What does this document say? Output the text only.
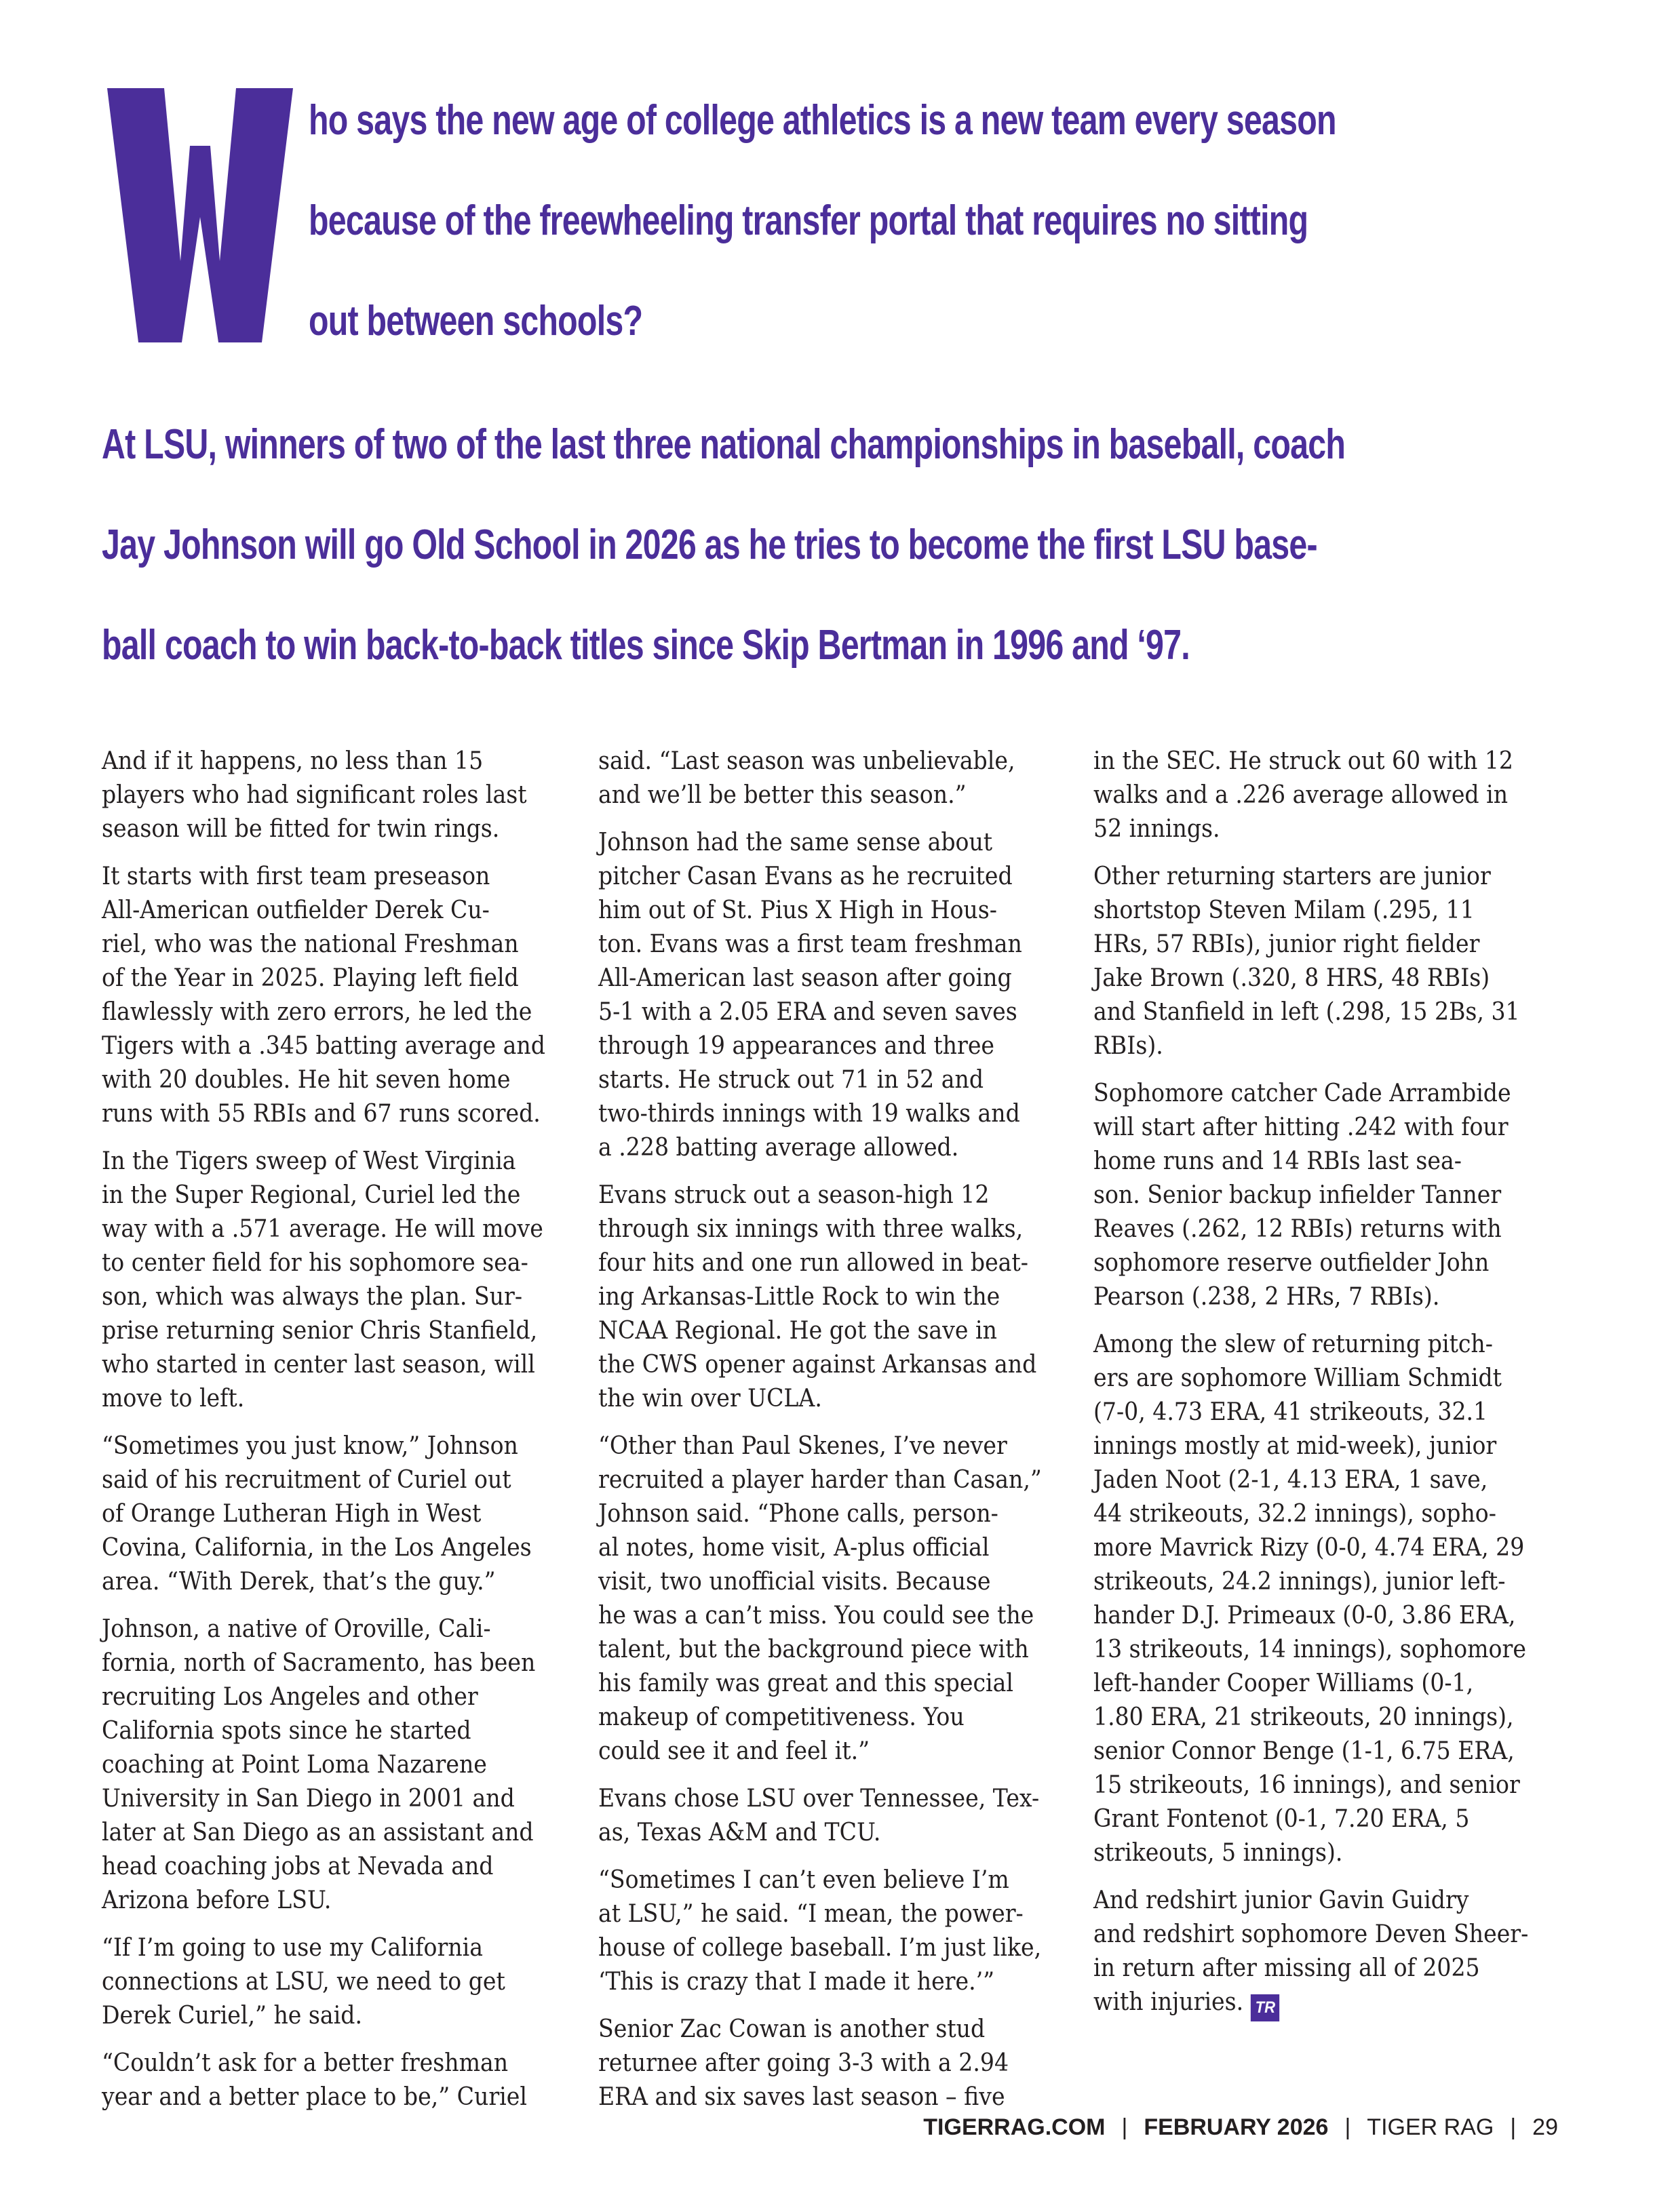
ho says the new age of college athletics is a new team every season
because of the freewheeling transfer portal that requires no sitting
out between schools?
At LSU, winners of two of the last three national championships in baseball, coach
Jay Johnson will go Old School in 2026 as he tries to become the first LSU base-
ball coach to win back-to-back titles since Skip Bertman in 1996 and ‘97.
And if it happens, no less than 15
players who had significant roles last
season will be fitted for twin rings.
It starts with first team preseason
All-American outfielder Derek Cu-
riel, who was the national Freshman
of the Year in 2025. Playing left field
flawlessly with zero errors, he led the
Tigers with a .345 batting average and
with 20 doubles. He hit seven home
runs with 55 RBIs and 67 runs scored.
In the Tigers sweep of West Virginia
in the Super Regional, Curiel led the
way with a .571 average. He will move
to center field for his sophomore sea-
son, which was always the plan. Sur-
prise returning senior Chris Stanfield,
who started in center last season, will
move to left.
“Sometimes you just know,” Johnson
said of his recruitment of Curiel out
of Orange Lutheran High in West
Covina, California, in the Los Angeles
area. “With Derek, that’s the guy.”
Johnson, a native of Oroville, Cali-
fornia, north of Sacramento, has been
recruiting Los Angeles and other
California spots since he started
coaching at Point Loma Nazarene
University in San Diego in 2001 and
later at San Diego as an assistant and
head coaching jobs at Nevada and
Arizona before LSU.
“If I’m going to use my California
connections at LSU, we need to get
Derek Curiel,” he said.
“Couldn’t ask for a better freshman
year and a better place to be,” Curiel
said. “Last season was unbelievable,
and we’ll be better this season.”
Johnson had the same sense about
pitcher Casan Evans as he recruited
him out of St. Pius X High in Hous-
ton. Evans was a first team freshman
All-American last season after going
5-1 with a 2.05 ERA and seven saves
through 19 appearances and three
starts. He struck out 71 in 52 and
two-thirds innings with 19 walks and
a .228 batting average allowed.
Evans struck out a season-high 12
through six innings with three walks,
four hits and one run allowed in beat-
ing Arkansas-Little Rock to win the
NCAA Regional. He got the save in
the CWS opener against Arkansas and
the win over UCLA.
“Other than Paul Skenes, I’ve never
recruited a player harder than Casan,”
Johnson said. “Phone calls, person-
al notes, home visit, A-plus official
visit, two unofficial visits. Because
he was a can’t miss. You could see the
talent, but the background piece with
his family was great and this special
makeup of competitiveness. You
could see it and feel it.”
Evans chose LSU over Tennessee, Tex-
as, Texas A&M and TCU.
“Sometimes I can’t even believe I’m
at LSU,” he said. “I mean, the power-
house of college baseball. I’m just like,
‘This is crazy that I made it here.’”
Senior Zac Cowan is another stud
returnee after going 3-3 with a 2.94
ERA and six saves last season – five
in the SEC. He struck out 60 with 12
walks and a .226 average allowed in
52 innings.
Other returning starters are junior
shortstop Steven Milam (.295, 11
HRs, 57 RBIs), junior right fielder
Jake Brown (.320, 8 HRS, 48 RBIs)
and Stanfield in left (.298, 15 2Bs, 31
RBIs).
Sophomore catcher Cade Arrambide
will start after hitting .242 with four
home runs and 14 RBIs last sea-
son. Senior backup infielder Tanner
Reaves (.262, 12 RBIs) returns with
sophomore reserve outfielder John
Pearson (.238, 2 HRs, 7 RBIs).
Among the slew of returning pitch-
ers are sophomore William Schmidt
(7-0, 4.73 ERA, 41 strikeouts, 32.1
innings mostly at mid-week), junior
Jaden Noot (2-1, 4.13 ERA, 1 save,
44 strikeouts, 32.2 innings), sopho-
more Mavrick Rizy (0-0, 4.74 ERA, 29
strikeouts, 24.2 innings), junior left-
hander D.J. Primeaux (0-0, 3.86 ERA,
13 strikeouts, 14 innings), sophomore
left-hander Cooper Williams (0-1,
1.80 ERA, 21 strikeouts, 20 innings),
senior Connor Benge (1-1, 6.75 ERA,
15 strikeouts, 16 innings), and senior
Grant Fontenot (0-1, 7.20 ERA, 5
strikeouts, 5 innings).
And redshirt junior Gavin Guidry
and redshirt sophomore Deven Sheer-
in return after missing all of 2025
with injuries. TR
TIGERRAG.COM | FEBRUARY 2026 | TIGER RAG | 29
